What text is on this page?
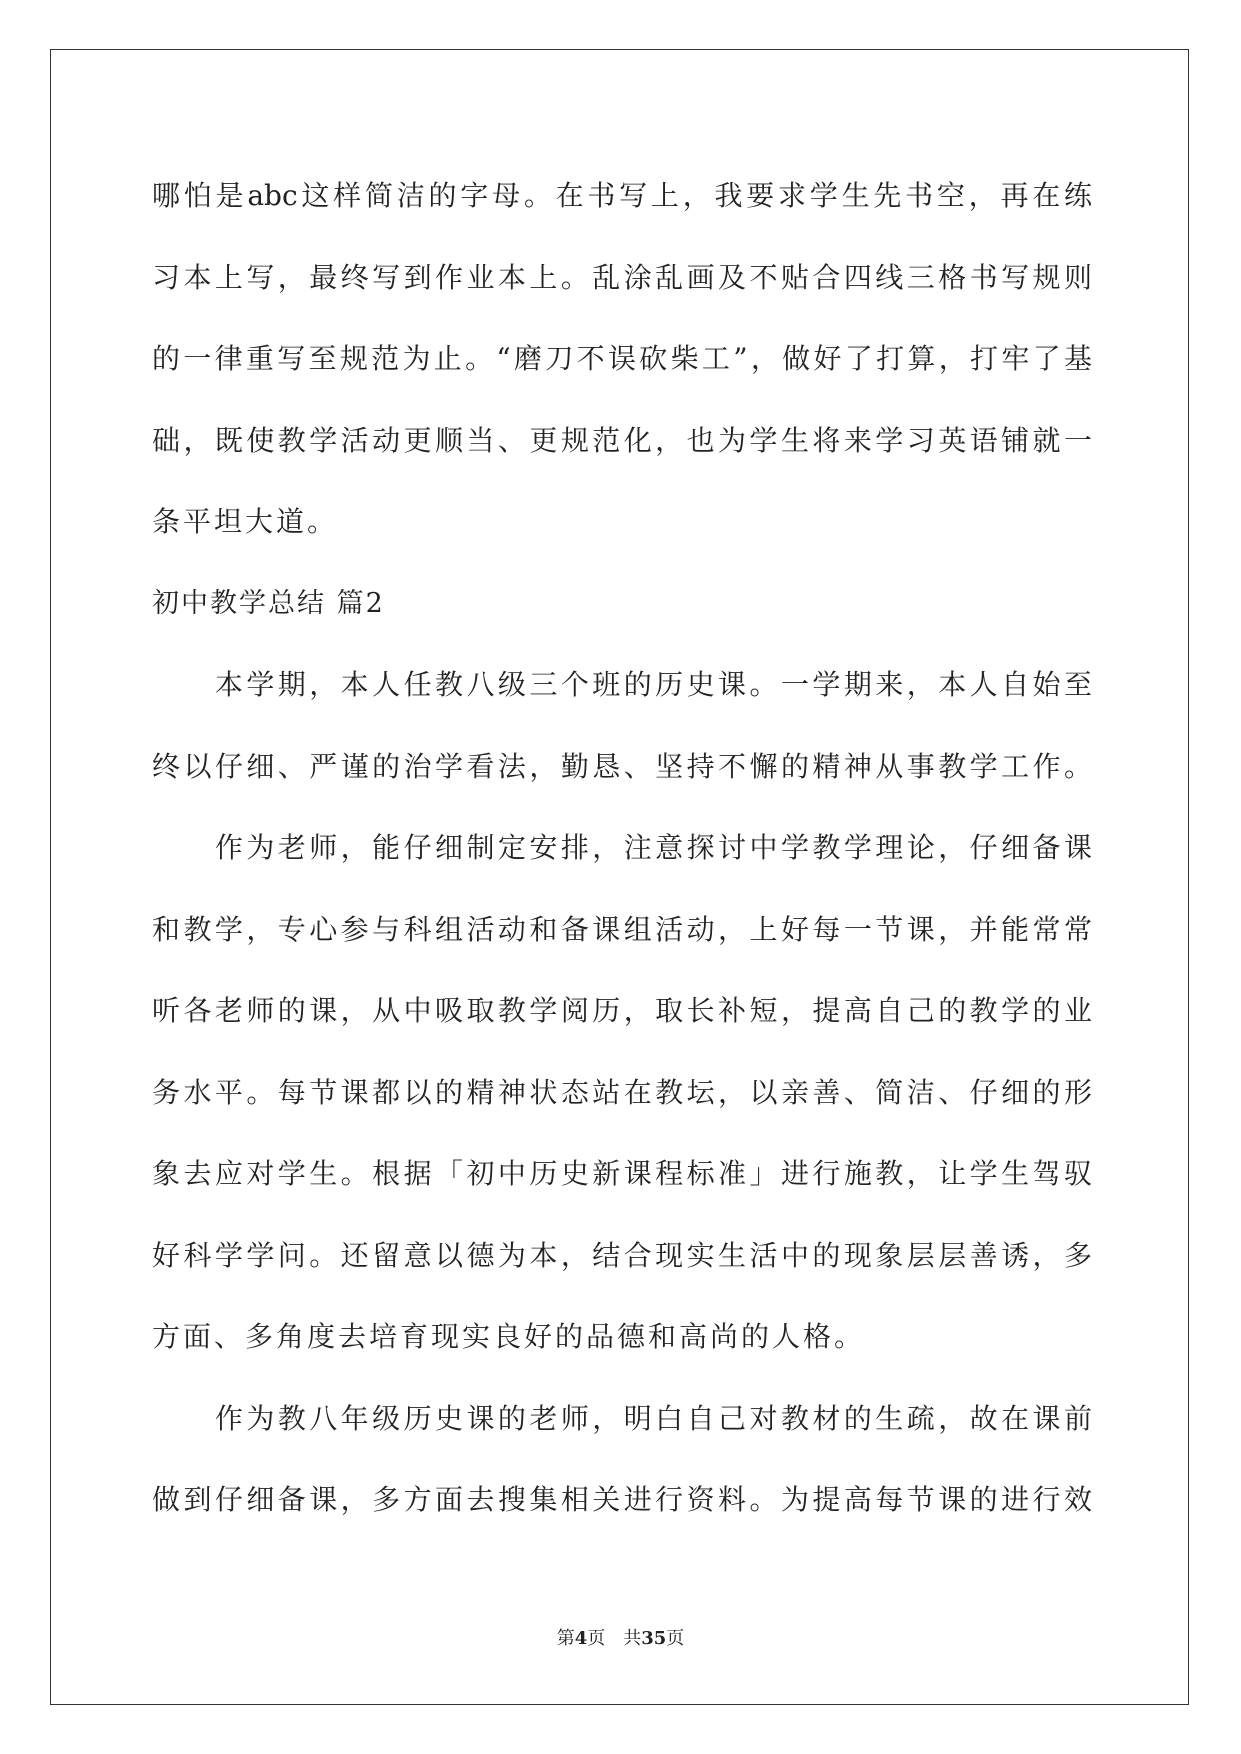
哪怕是abc这样简洁的字母。在书写上，我要求学生先书空，再在练
习本上写，最终写到作业本上。乱涂乱画及不贴合四线三格书写规则
的一律重写至规范为止。“磨刀不误砍柴工”，做好了打算，打牢了基
础，既使教学活动更顺当、更规范化，也为学生将来学习英语铺就一
条平坦大道。
初中教学总结 篇2
　　本学期，本人任教八级三个班的历史课。一学期来，本人自始至
终以仔细、严谨的治学看法，勤恳、坚持不懈的精神从事教学工作。
　　作为老师，能仔细制定安排，注意探讨中学教学理论，仔细备课
和教学，专心参与科组活动和备课组活动，上好每一节课，并能常常
听各老师的课，从中吸取教学阅历，取长补短，提高自己的教学的业
务水平。每节课都以的精神状态站在教坛，以亲善、简洁、仔细的形
象去应对学生。根据「初中历史新课程标准」进行施教，让学生驾驭
好科学学问。还留意以德为本，结合现实生活中的现象层层善诱，多
方面、多角度去培育现实良好的品德和高尚的人格。
　　作为教八年级历史课的老师，明白自己对教材的生疏，故在课前
做到仔细备课，多方面去搜集相关进行资料。为提高每节课的进行效
第4页　共35页
